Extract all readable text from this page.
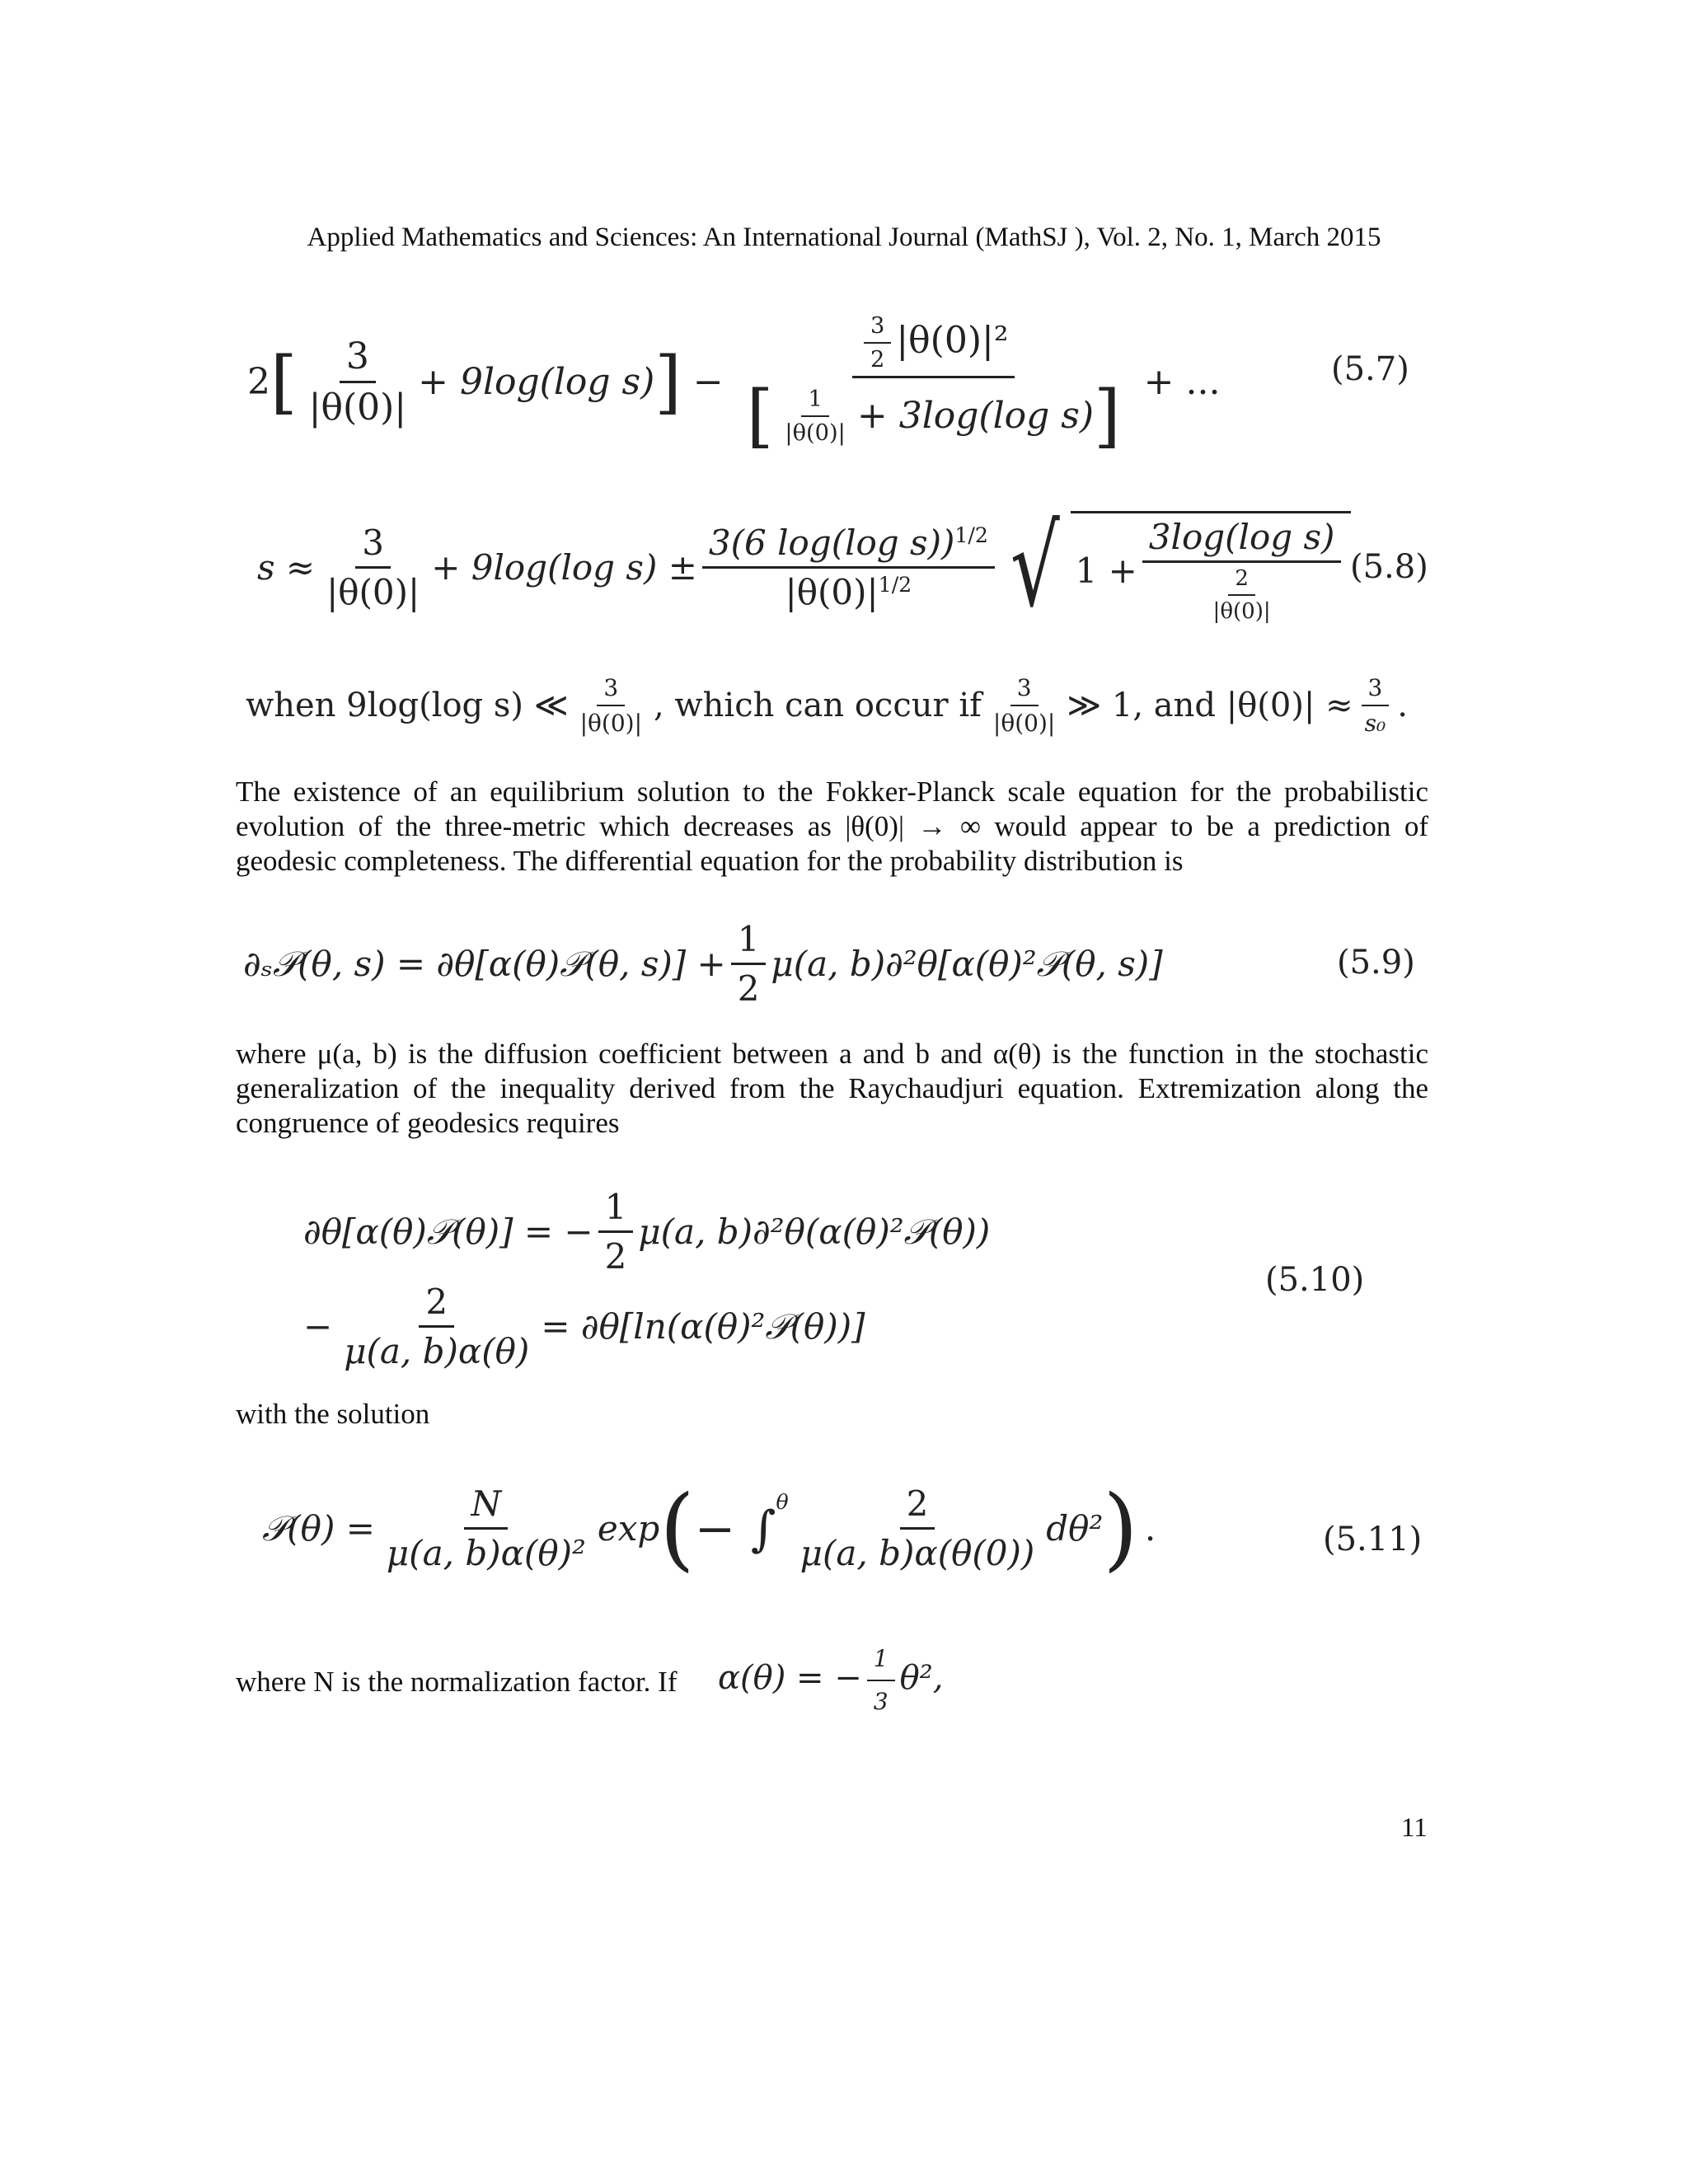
Applied Mathematics and Sciences: An International Journal (MathSJ ), Vol. 2, No. 1, March 2015
2 [ $\frac{3}{|\theta(0)|} + 9\log(\log$ s) ] −
$\frac{3}{2} |\theta(0)|^2$
[ $\frac{1}{|\theta(0)|} + 3\log(\log$ s) ] + ...	(5.7)
$s \approx \frac{3}{|\theta(0)|} + 9\log(\log$ $s) \pm \frac{3(6 \log(\log s))^{1/2}}{|\theta(0)|^{1/2}}$ √ $1 + \frac{\text{3log(log s)}}{\frac{2}{|\theta(0)|}} (5.8)$
when 9log(log s) ≪ $\frac{3}{|\theta(0)|}$ , which can occur if $\frac{3}{|\theta(0)|}$ ≫ 1, and $|\theta(0)| \approx \frac{3}{\text{s₀}}$ .
The existence of an equilibrium solution to the Fokker-Planck scale equation for the probabilistic evolution of the three-metric which decreases as |θ(0)| → ∞ would appear to be a prediction of geodesic completeness. The differential equation for the probability distribution is
∂ₛ𝒫(θ, s) = ∂θ[α(θ)𝒫(θ, $s)] + \frac{1}{2} \mu(a$, b)∂²θ[α(θ)²𝒫(θ, s)]	(5.9)
where μ(a, b) is the diffusion coefficient between a and b and α(θ) is the function in the stochastic generalization of the inequality derived from the Raychaudjuri equation. Extremization along the congruence of geodesics requires
∂θ[α(θ)𝒫(θ)] = − $\frac{1}{2} \mu(a$, b)∂²θ(α(θ)²𝒫(θ))
− $\frac{2}{\mu(a, b)\alpha(\theta)}$ = ∂θ[ln(α(θ)²𝒫(θ))]
(5.10)
with the solution
𝒫(θ) = $\frac{N}{\text{μ(a, b)α(θ)²}}$ exp ( − $\int^\theta \frac{2}{\mu(a, b)\alpha(\theta(0))} d\theta^2$ ) .	(5.11)
where N is the normalization factor. If α(θ) = − $\frac{1}{3} \theta^2$,
11
